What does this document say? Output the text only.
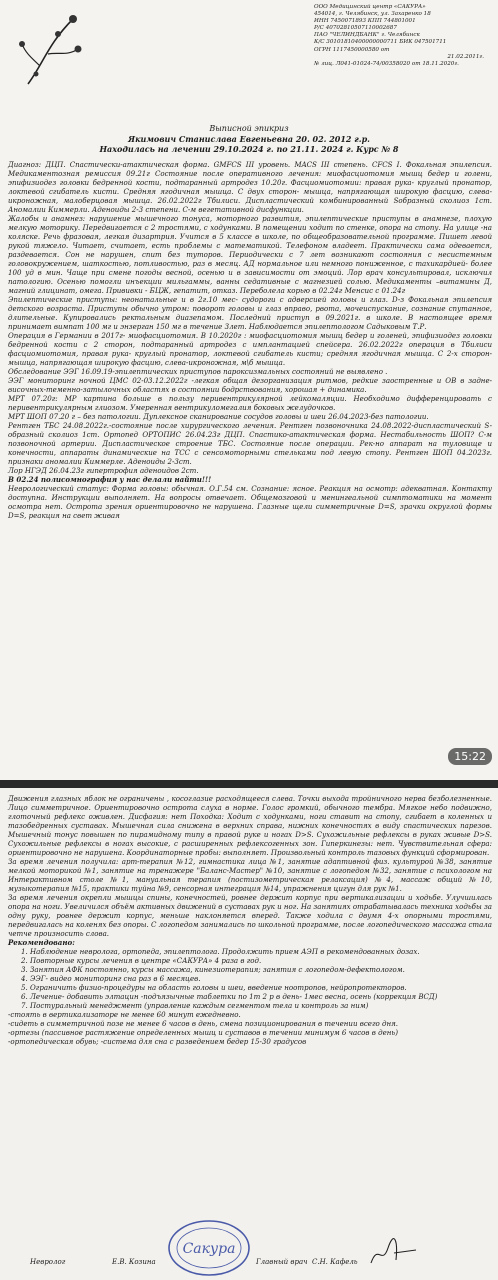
ООО Медицинский центр «САКУРА»
454014, г. Челябинск, ул. Захаренко 18
ИНН 7450071893 КПП 744801001
Р/С 40702810507110002687
ПАО "ЧЕЛИНДБАНК" г. Челябинск
К/С 30101810400000000711 БИК 047501711
ОГРН 1117450000580 от
21.02.2011г.
№ лиц. Л041-01024-74/00358020 от 18.11.2020г.
Выписной эпикриз
Якимович Станислава Евгеньевна 20. 02. 2012 г.р.
Находилась на лечении 29.10.2024 г. по 21.11. 2024 г. Курс № 8

Диагноз: ДЦП. Спастически-атактическая форма. GMFCS III уровень. MACS III cтепень. CFCS I. Фокальная эпилепсия. Медикаментозная ремиссия 09.21г Состояние после оперативного лечения: миофасциотомия мышц бедер и голени, эпифизиодез головки бедренной кости, подтаранный артродез 10.20г. Фасциомиотомии: правая рука- круглый пронатор, локтевой сгибатель кисти. Средняя ягодичная мышца. С двух сторон- мышца, напрягающая широкую фасцию, слева-икроножная, малоберцовая мышца. 26.02.2022г Тбилиси. Диспластический комбинированный Sобразный сколиоз 1ст. Аномалии Киммерли. Аденоиды 2-3 степени. С-м вегетативной дисфункции.

Жалобы и анамнез: нарушение мышечного тонуса, моторного развития, эпилептические приступы в анамнезе, плохую мелкую моторику. Передвигается с 2 тростями, с ходунками. В помещении ходит по стенке, опора на стопу. На улице -на коляске. Речь фразовая, легкая дизартрия. Учится в 5 классе в школе, по общеобразовательной программе. Пишет левой рукой тяжело. Читает, считает, есть проблемы с математикой. Телефоном владеет. Практически сама одевается, раздевается. Сон не нарушен, спит без туторов. Периодически с 7 лет возникают состояния с несистемным головокружением, шаткостью, потливостью, раз в месяц. АД нормальное или немного пониженное, с тахикардией- более 100 уд в мин. Чаще при смене погоды весной, осенью и в зависимости от эмоций. Лор врач консультировал, исключил патологию. Осенью помогли инъекции мильгаммы, ванны седативные с магнезией солью. Медикаменты –витамины Д, магний глицинат, омега. Прививки - БЦЖ, гепатит, отказ. Переболела корью в 02.24г Менсис с 01.24г

Эпилептические приступы: неонатальные и в 2г.10 мес- судороги с адверсией головы и глаз. D-з Фокальная эпилепсия детского возраста. Приступы обычно утром: поворот головы и глаз вправо, рвота, мочеиспускание, сознание спутанное, длительные. Купировались ректальным диазепамом. Последний приступ в 09.2021г. в школе. В настоящее время принимает вимпат 100 мг и энзерган 150 мг в течение 3лет. Наблюдается эпилептологом Садыковым Т.Р.

Операция в Германии в 2017г- миофасциотомия. В 10.2020г : миофасциотомия мышц бедер и голеней, эпифизиодез головки бедренной кости с 2 сторон, подтаранный артродез с имплантацией спейсера. 26.02.2022г операция в Тбилиси фасциомиотомия, правая рука- круглый пронатор, локтевой сгибатель кисти; средняя ягодичная мышца. С 2-х сторон-мышца, напрягающая широкую фасцию, слева-икроножная, м\б мышца.

Обследование ЭЭГ 16.09.19-эпилептических приступов пароксизмальных состояний не выявлено .

ЭЭГ мониторинг ночной ЦМС 02-03.12.2022г -легкая общая дезорганизация ритмов, редкие заостренные и ОВ в задне-височных-теменно-затылочных областях в состоянии бодрствования, хорошая + динамика.

МРТ 07.20г: МР картина больше в пользу перивентрикулярной лейкомаляции. Необходимо дифференцировать с перивентрикулярным глиозом. Умеренная вентрикуломегалия боковых желудочков.

МРТ ШОП 07.20 г – без патологии. Дуплексное сканирование сосудов головы и шеи 26.04.2023-без патологии.

Рентген ТБС 24.08.2022г.-состояние после хирургического лечения. Рентген позвоночника 24.08.2022-диспластический S-образный сколиоз 1ст. Ортопед ОРТОПИС 26.04.23г ДЦП. Спастико-атактическая форма. Нестабильность ШОП? С-м позвоночной артерии. Диспластическое строение ТБС. Состояние после операции. Рек-но аппарат на туловище и конечности, аппараты динамические на ТСС с сенсомоторными стельками под левую стопу. Рентген ШОП 04.2023г. признаки аномалии Киммерле. Аденоиды 2-3ст.

Лор НГЭД 26.04.23г гипертрофия аденоидов 2ст.

В 02.24 полисомнография у нас делали найти!!!

Неврологический статус: Форма головы: обычная. О.Г.54 см. Сознание: ясное. Реакция на осмотр: адекватная. Контакту доступна. Инструкции выполняет. На вопросы отвечает. Общемозговой и менингеальной симптоматики на момент осмотра нет. Острота зрения ориентировочно не нарушена. Глазные щели симметричные D=S, зрачки округлой формы D=S, реакция на свет живая

15:22

Движения глазных яблок не ограничены , косоглазие расходящееся слева. Точки выхода тройничного нерва безболезненные. Лицо симметричное. Ориентировочно острота слуха в норме. Голос громкий, обычного тембра. Мягкое небо подвижно, глоточный рефлекс оживлен. Дисфагия: нет Походка: Ходит с ходунками, ноги ставит на стопу, сгибает в коленных и тазобедренных суставах. Мышечная сила снижена в верхних справа, нижних конечностях в виду спастических парезов. Мышечный тонус повышен по пирамидному типу в правой руке и ногах D>S. Сухожильные рефлексы в руках живые D>S. Сухожильные рефлексы в ногах высокие, с расширенных рефлексогенных зон. Гиперкинезы: нет. Чувствительная сфера: ориентировочно не нарушена. Координаторные пробы: выполняет. Произвольный контроль тазовых функций сформирован.

За время лечения получила: арт-терапия №12, гимнастика лица №1, занятие адаптивной физ. культурой №38, занятие мелкой моторикой №1, занятие на тренажере "Баланс-Мастер" №10, занятие с логопедом №32, занятие с психологом на Интерактивном столе №1, мануальная терапия (постизометрическая релаксация) №4, массаж общий №10, музыкотерапия №15, практики туйна №9, сенсорная интеграция №14, упражнения цигун для рук №1.

За время лечения окрепли мышцы спины, конечностей, ровнее держит корпус при вертикализации и ходьбе. Улучшилась опора на ноги. Увеличился объём активных движений в суставах рук и ног. На занятиях отрабатывалась техника ходьбы за одну руку, ровнее держит корпус, меньше наклоняется вперед. Также ходила с двумя 4-х опорными тростями, передвигалась на коленях без опоры. С логопедом занимались по школьной программе, после логопедического массажа стала четче произносить слова.

Рекомендовано:

1. Наблюдение невролога, ортопеда, эпилептолога. Продолжить прием АЭП в рекомендованных дозах.
2. Повторные курсы лечения в центре «САКУРА» 4 раза в год.
3. Занятия АФК постоянно, курсы массажа, кинезиотерапия; занятия с логопедом-дефектологом.
4. ЭЭГ- видео мониторинг сна раз в 6 месяцев.
5. Ограничить физио-процедуры на область головы и шеи, введение ноотропов, нейропротекторов.
6. Лечение- добавить элтацин -подъязычные таблетки по 1т 2 р в день- 1мес весна, осень (коррекция ВСД)
7. Постуральный менеджмент (управление каждым сегментом тела и контроль за ним)

-стоять в вертикализаторе не менее 60 минут ежедневно.

-сидеть в симметричной позе не менее 6 часов в день, смена позиционирования в течении всего дня.

-ортезы (пассивное растяжение определенных мышц и суставов в течении минимум 6 часов в день)

-ортопедическая обувь; -система для сна с разведением бедер 15-30 градусов

Невролог	Е.В. Козина
Сакура
Главный врач С.Н. Кафель
